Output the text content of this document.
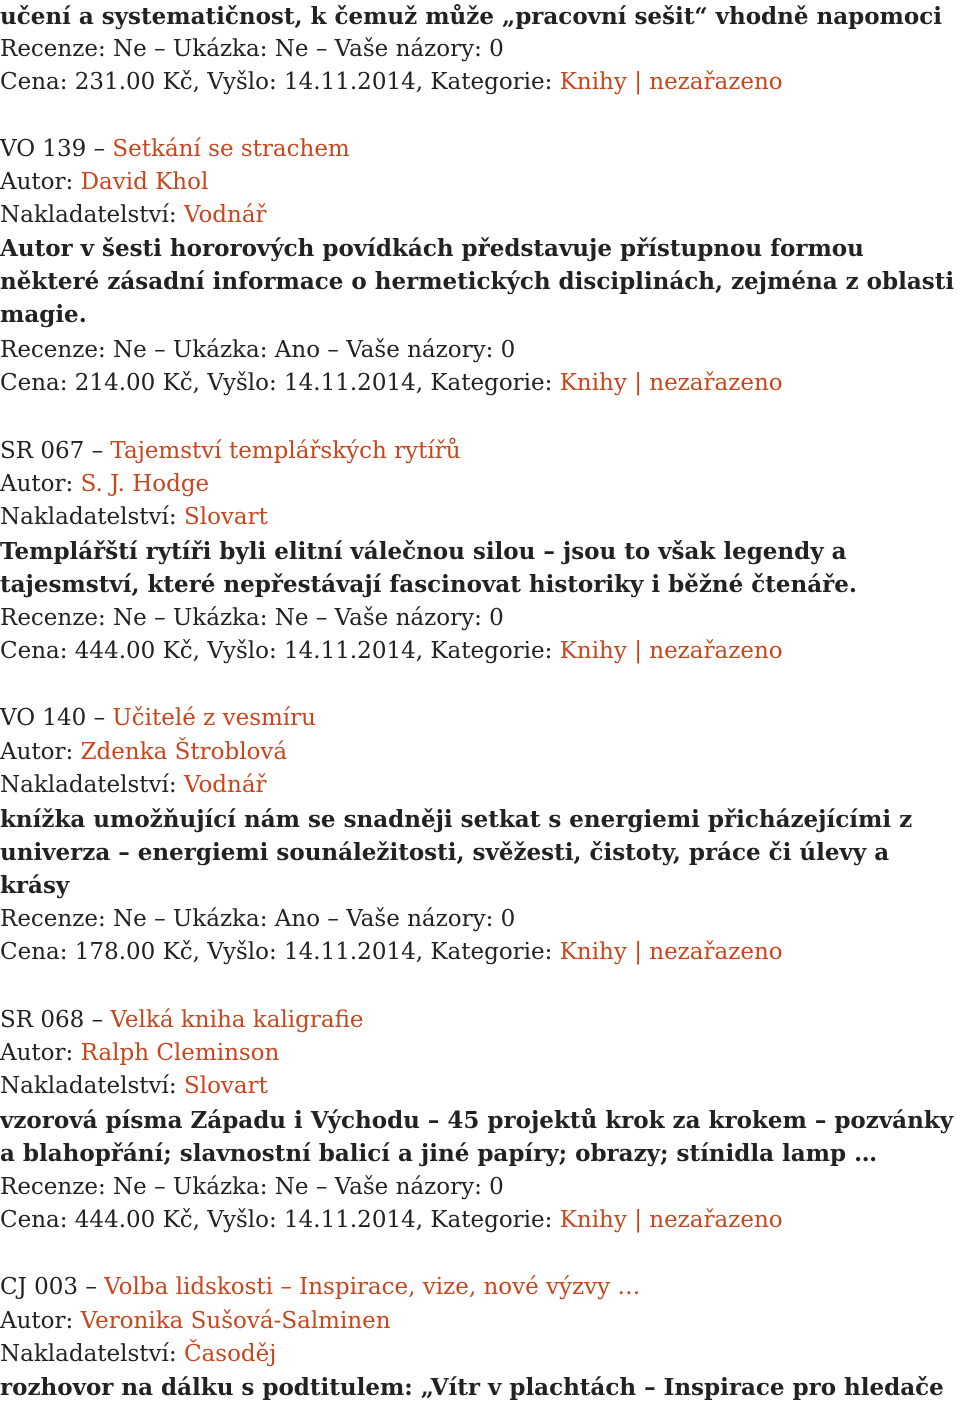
učení a systematičnost, k čemuž může „pracovní sešit“ vhodně napomoci
Recenze: Ne – Ukázka: Ne – Vaše názory: 0
Cena: 231.00 Kč, Vyšlo: 14.11.2014, Kategorie: Knihy | nezařazeno
VO 139 – Setkání se strachem
Autor: David Khol
Nakladatelství: Vodnář
Autor v šesti hororových povídkách představuje přístupnou formou
některé zásadní informace o hermetických disciplinách, zejména z oblasti
magie.
Recenze: Ne – Ukázka: Ano – Vaše názory: 0
Cena: 214.00 Kč, Vyšlo: 14.11.2014, Kategorie: Knihy | nezařazeno
SR 067 – Tajemství templářských rytířů
Autor: S. J. Hodge
Nakladatelství: Slovart
Templářští rytíři byli elitní válečnou silou – jsou to však legendy a
tajesmství, které nepřestávají fascinovat historiky i běžné čtenáře.
Recenze: Ne – Ukázka: Ne – Vaše názory: 0
Cena: 444.00 Kč, Vyšlo: 14.11.2014, Kategorie: Knihy | nezařazeno
VO 140 – Učitelé z vesmíru
Autor: Zdenka Štroblová
Nakladatelství: Vodnář
knížka umožňující nám se snadněji setkat s energiemi přicházejícími z
univerza – energiemi sounáležitosti, svěžesti, čistoty, práce či úlevy a
krásy
Recenze: Ne – Ukázka: Ano – Vaše názory: 0
Cena: 178.00 Kč, Vyšlo: 14.11.2014, Kategorie: Knihy | nezařazeno
SR 068 – Velká kniha kaligrafie
Autor: Ralph Cleminson
Nakladatelství: Slovart
vzorová písma Západu i Východu – 45 projektů krok za krokem – pozvánky
a blahopřání; slavnostní balicí a jiné papíry; obrazy; stínidla lamp …
Recenze: Ne – Ukázka: Ne – Vaše názory: 0
Cena: 444.00 Kč, Vyšlo: 14.11.2014, Kategorie: Knihy | nezařazeno
CJ 003 – Volba lidskosti – Inspirace, vize, nové výzvy …
Autor: Veronika Sušová-Salminen
Nakladatelství: Časoděj
rozhovor na dálku s podtitulem: „Vítr v plachtách – Inspirace pro hledače
